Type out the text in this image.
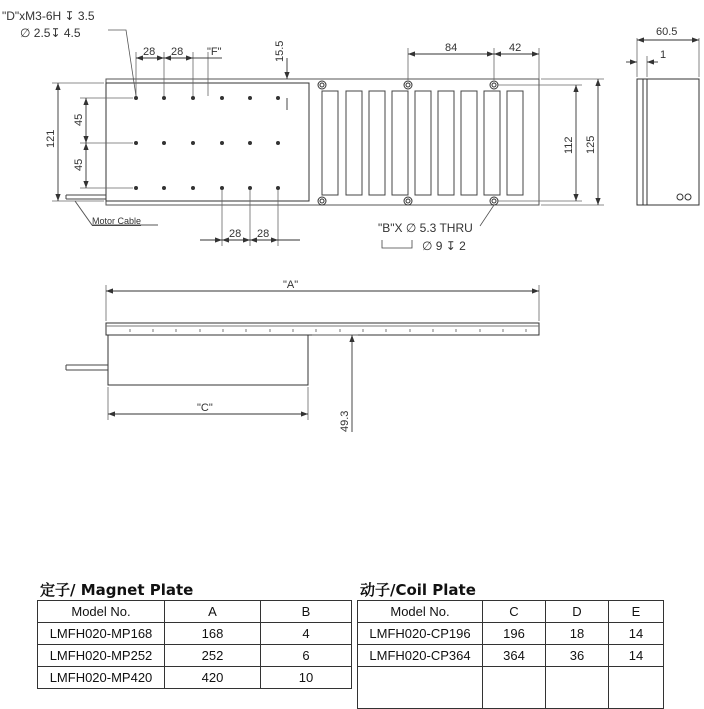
"D"xM3-6H ↧ 3.5
∅ 2.5↧ 4.5
"B"X ∅ 5.3 THRU
∅ 9 ↧ 2
Motor Cable
28 28 "F"	15.5	84	42
60.5
1
45
45
121	112 125
28 28
"A"
"C"
49.3
定子/ Magnet Plate
Model No.	A	B
LMFH020-MP168	168	4
LMFH020-MP252	252	6
LMFH020-MP420	420	10
动子/Coil Plate
Model No.	C	D	E
LMFH020-CP196	196	18	14
LMFH020-CP364	364	36	14
